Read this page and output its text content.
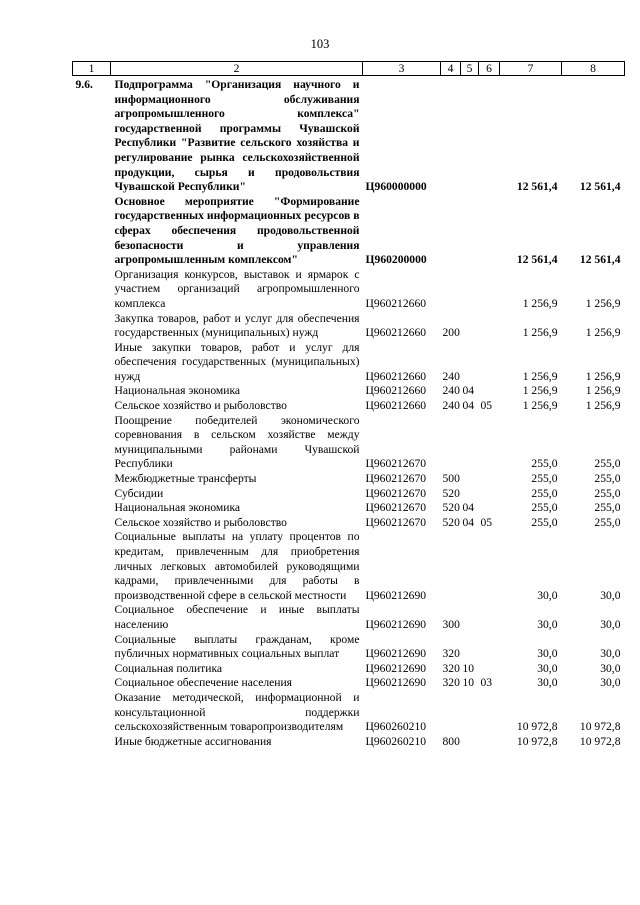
103
1	2	3	4	5	6	7	8
9.6.	Подпрограмма "Организация научного и информационного обслуживания агропромышленного комплекса" государственной программы Чувашской Республики "Развитие сельского хозяйства и регулирование рынка сельскохозяйственной продукции, сырья и продовольствия Чувашской Республики"	Ц960000000				12 561,4	12 561,4
	Основное мероприятие "Формирование государственных информационных ресурсов в сферах обеспечения продовольственной безопасности и управления агропромышленным комплексом"	Ц960200000				12 561,4	12 561,4
	Организация конкурсов, выставок и ярмарок с участием организаций агропромышленного комплекса	Ц960212660				1 256,9	1 256,9
	Закупка товаров, работ и услуг для обеспечения государственных (муниципальных) нужд	Ц960212660	200			1 256,9	1 256,9
	Иные закупки товаров, работ и услуг для обеспечения государственных (муниципальных) нужд	Ц960212660	240			1 256,9	1 256,9
	Национальная экономика	Ц960212660	240	04		1 256,9	1 256,9
	Сельское хозяйство и рыболовство	Ц960212660	240	04	05	1 256,9	1 256,9
	Поощрение победителей экономического соревнования в сельском хозяйстве между муниципальными районами Чувашской Республики	Ц960212670				255,0	255,0
	Межбюджетные трансферты	Ц960212670	500			255,0	255,0
	Субсидии	Ц960212670	520			255,0	255,0
	Национальная экономика	Ц960212670	520	04		255,0	255,0
	Сельское хозяйство и рыболовство	Ц960212670	520	04	05	255,0	255,0
	Социальные выплаты на уплату процентов по кредитам, привлеченным для приобретения личных легковых автомобилей руководящими кадрами, привлеченными для работы в производственной сфере в сельской местности	Ц960212690				30,0	30,0
	Социальное обеспечение и иные выплаты населению	Ц960212690	300			30,0	30,0
	Социальные выплаты гражданам, кроме публичных нормативных социальных выплат	Ц960212690	320			30,0	30,0
	Социальная политика	Ц960212690	320	10		30,0	30,0
	Социальное обеспечение населения	Ц960212690	320	10	03	30,0	30,0
	Оказание методической, информационной и консультационной поддержки сельскохозяйственным товаропроизводителям	Ц960260210				10 972,8	10 972,8
	Иные бюджетные ассигнования	Ц960260210	800			10 972,8	10 972,8
